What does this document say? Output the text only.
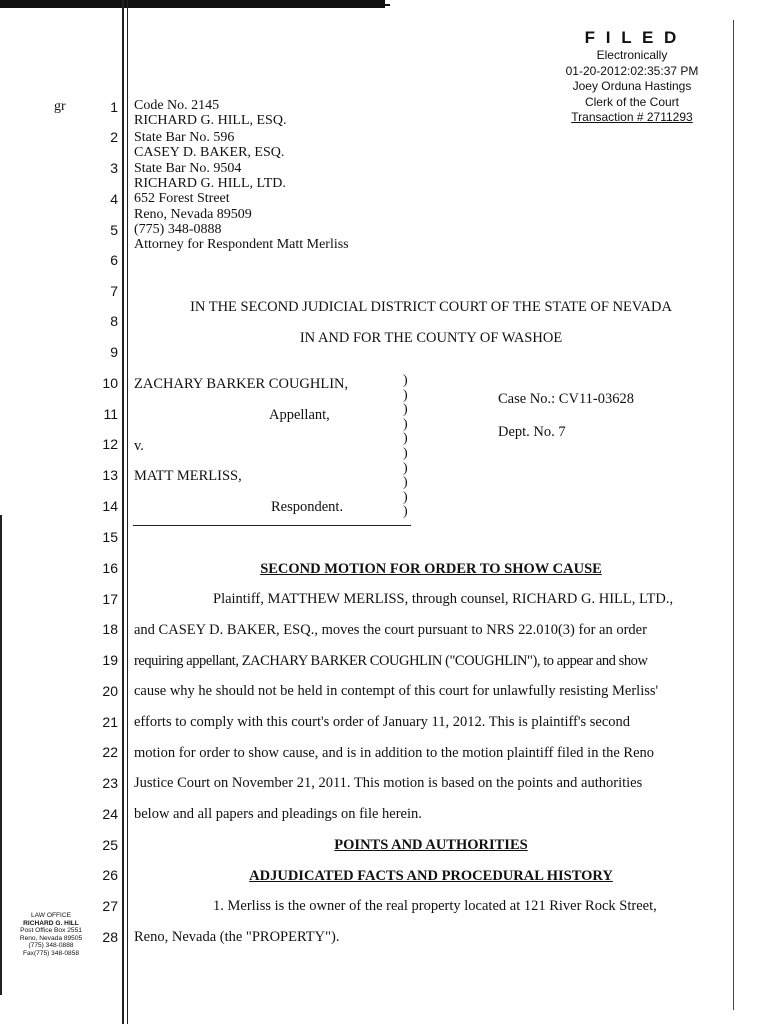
F I L E D
Electronically
01-20-2012:02:35:37 PM
Joey Orduna Hastings
Clerk of the Court
Transaction # 2711293
gr	1
2
3
4
5
6
7
8
9
10
11
12
13
14
15
16
17
18
19
20
21
22
23
24
25
26
27
28
Code No. 2145
RICHARD G. HILL, ESQ.
State Bar No. 596
CASEY D. BAKER, ESQ.
State Bar No. 9504
RICHARD G. HILL, LTD.
652 Forest Street
Reno, Nevada 89509
(775) 348-0888
Attorney for Respondent Matt Merliss
IN THE SECOND JUDICIAL DISTRICT COURT OF THE STATE OF NEVADA
IN AND FOR THE COUNTY OF WASHOE
ZACHARY BARKER COUGHLIN,
Appellant,
v.
MATT MERLISS,
Respondent.
)
)
)
)
)
)
)
)
)
)
Case No.: CV11-03628
Dept. No. 7
SECOND MOTION FOR ORDER TO SHOW CAUSE
Plaintiff, MATTHEW MERLISS, through counsel, RICHARD G. HILL, LTD.,
and CASEY D. BAKER, ESQ., moves the court pursuant to NRS 22.010(3) for an order
requiring appellant, ZACHARY BARKER COUGHLIN ("COUGHLIN"), to appear and show
cause why he should not be held in contempt of this court for unlawfully resisting Merliss'
efforts to comply with this court's order of January 11, 2012. This is plaintiff's second
motion for order to show cause, and is in addition to the motion plaintiff filed in the Reno
Justice Court on November 21, 2011. This motion is based on the points and authorities
below and all papers and pleadings on file herein.
POINTS AND AUTHORITIES
ADJUDICATED FACTS AND PROCEDURAL HISTORY
1. Merliss is the owner of the real property located at 121 River Rock Street,
Reno, Nevada (the "PROPERTY").
LAW OFFICE
RICHARD G. HILL
Post Office Box 2551
Reno, Nevada 89505
(775) 348-0888
Fax(775) 348-0858
